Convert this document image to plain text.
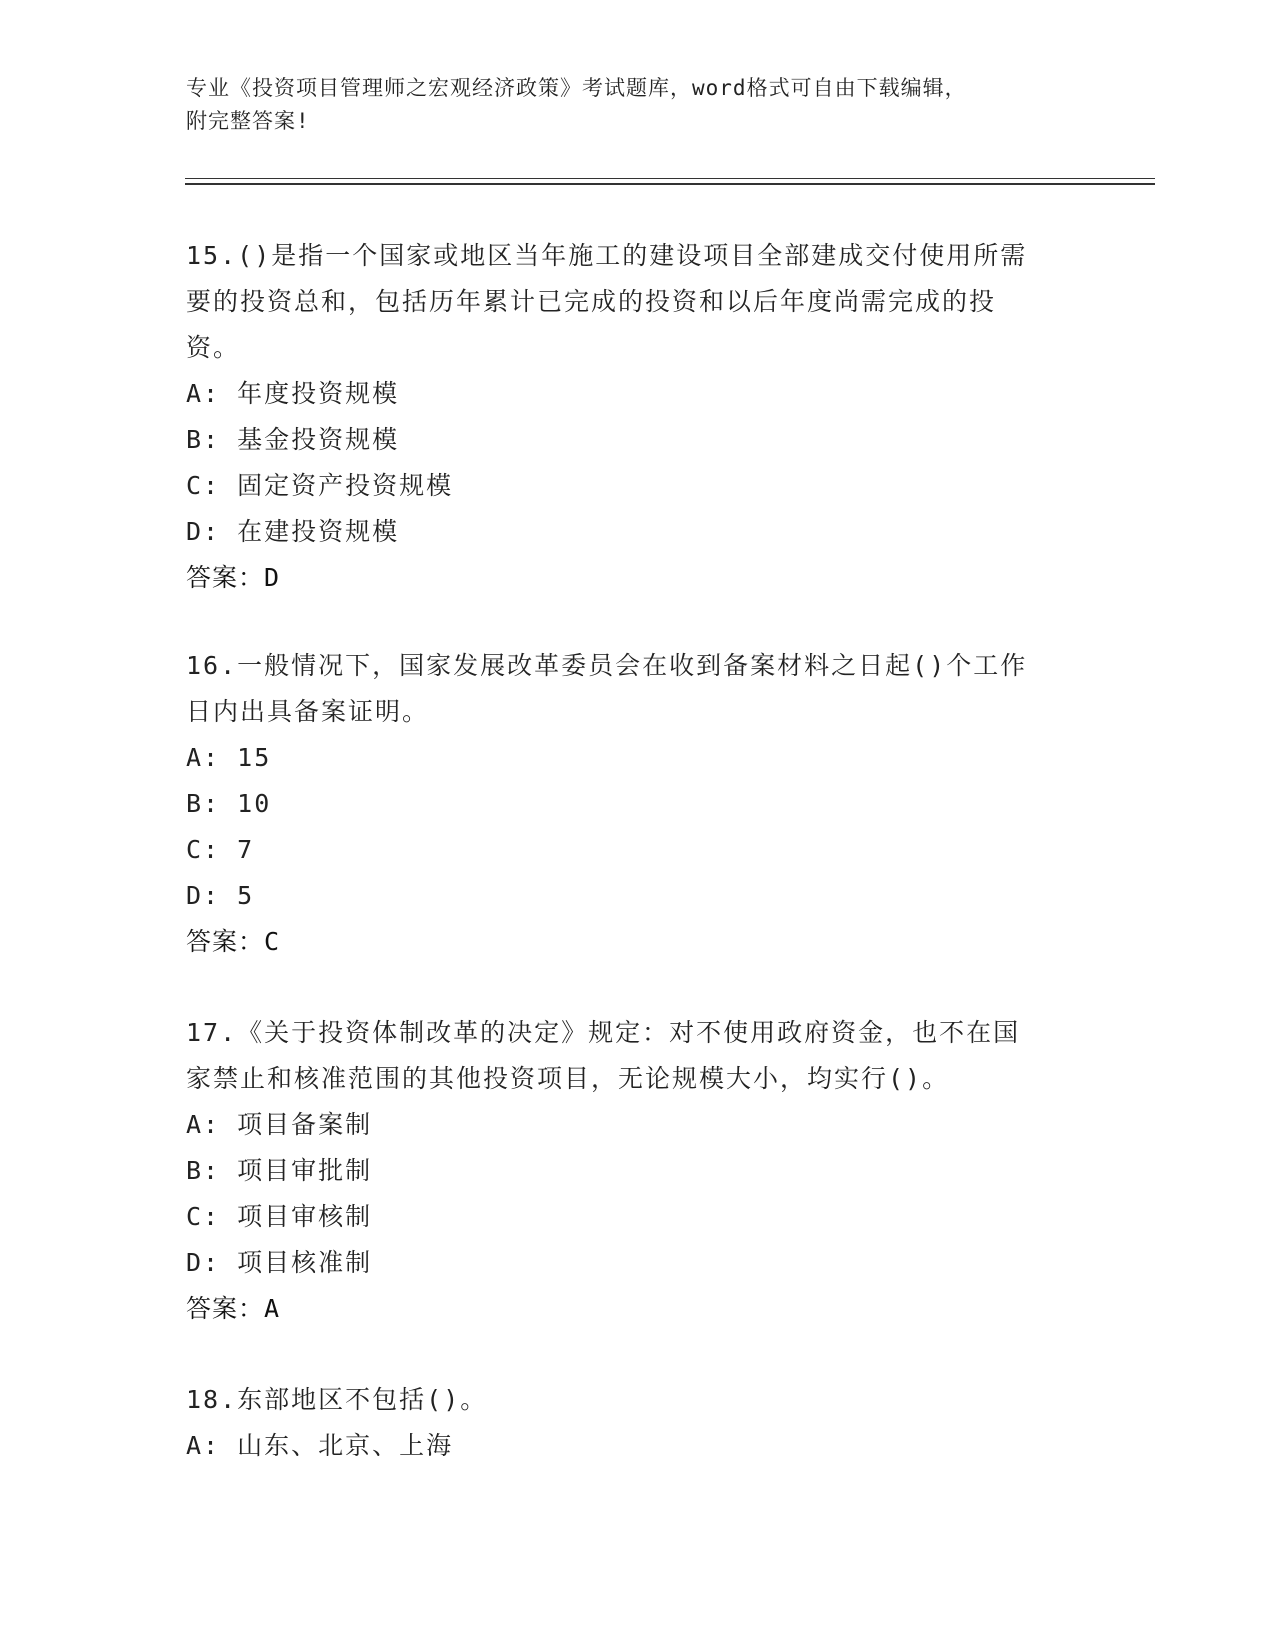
专业《投资项目管理师之宏观经济政策》考试题库，word格式可自由下载编辑，
附完整答案!
15.()是指一个国家或地区当年施工的建设项目全部建成交付使用所需
要的投资总和，包括历年累计已完成的投资和以后年度尚需完成的投
资。
A: 年度投资规模
B: 基金投资规模
C: 固定资产投资规模
D: 在建投资规模
答案：D
16.一般情况下，国家发展改革委员会在收到备案材料之日起()个工作
日内出具备案证明。
A: 15
B: 10
C: 7
D: 5
答案：C
17.《关于投资体制改革的决定》规定：对不使用政府资金，也不在国
家禁止和核准范围的其他投资项目，无论规模大小，均实行()。
A: 项目备案制
B: 项目审批制
C: 项目审核制
D: 项目核准制
答案：A
18.东部地区不包括()。
A: 山东、北京、上海
